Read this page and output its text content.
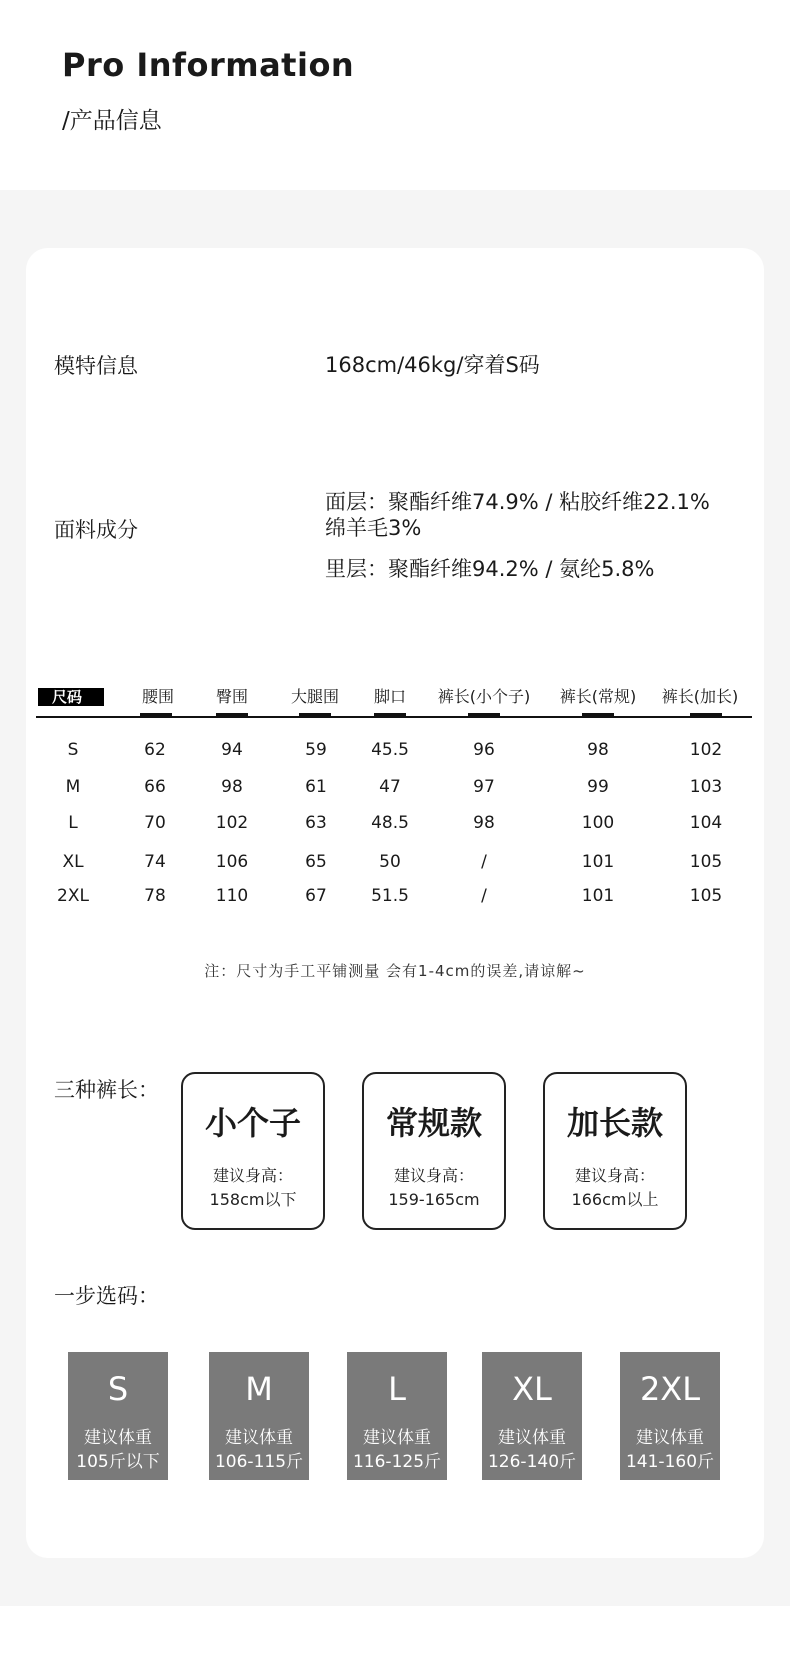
Pro Information
/产品信息
模特信息	168cm/46kg/穿着S码
面料成分
面层：聚酯纤维74.9% / 粘胶纤维22.1%
绵羊毛3%
里层：聚酯纤维94.2% / 氨纶5.8%
尺码	腰围	臀围	大腿围	脚口	裤长(小个子)	裤长(常规)	裤长(加长)
S	62	94	59	45.5	96	98	102
M	66	98	61	47	97	99	103
L	70	102	63	48.5	98	100	104
XL	74	106	65	50	/	101	105
2XL	78	110	67	51.5	/	101	105
注：尺寸为手工平铺测量 会有1-4cm的误差,请谅解~
三种裤长：
小个子
建议身高：
158cm以下
常规款
建议身高：
159-165cm
加长款
建议身高：
166cm以上
一步选码：
S
建议体重
105斤以下
M
建议体重
106-115斤
L
建议体重
116-125斤
XL
建议体重
126-140斤
2XL
建议体重
141-160斤
